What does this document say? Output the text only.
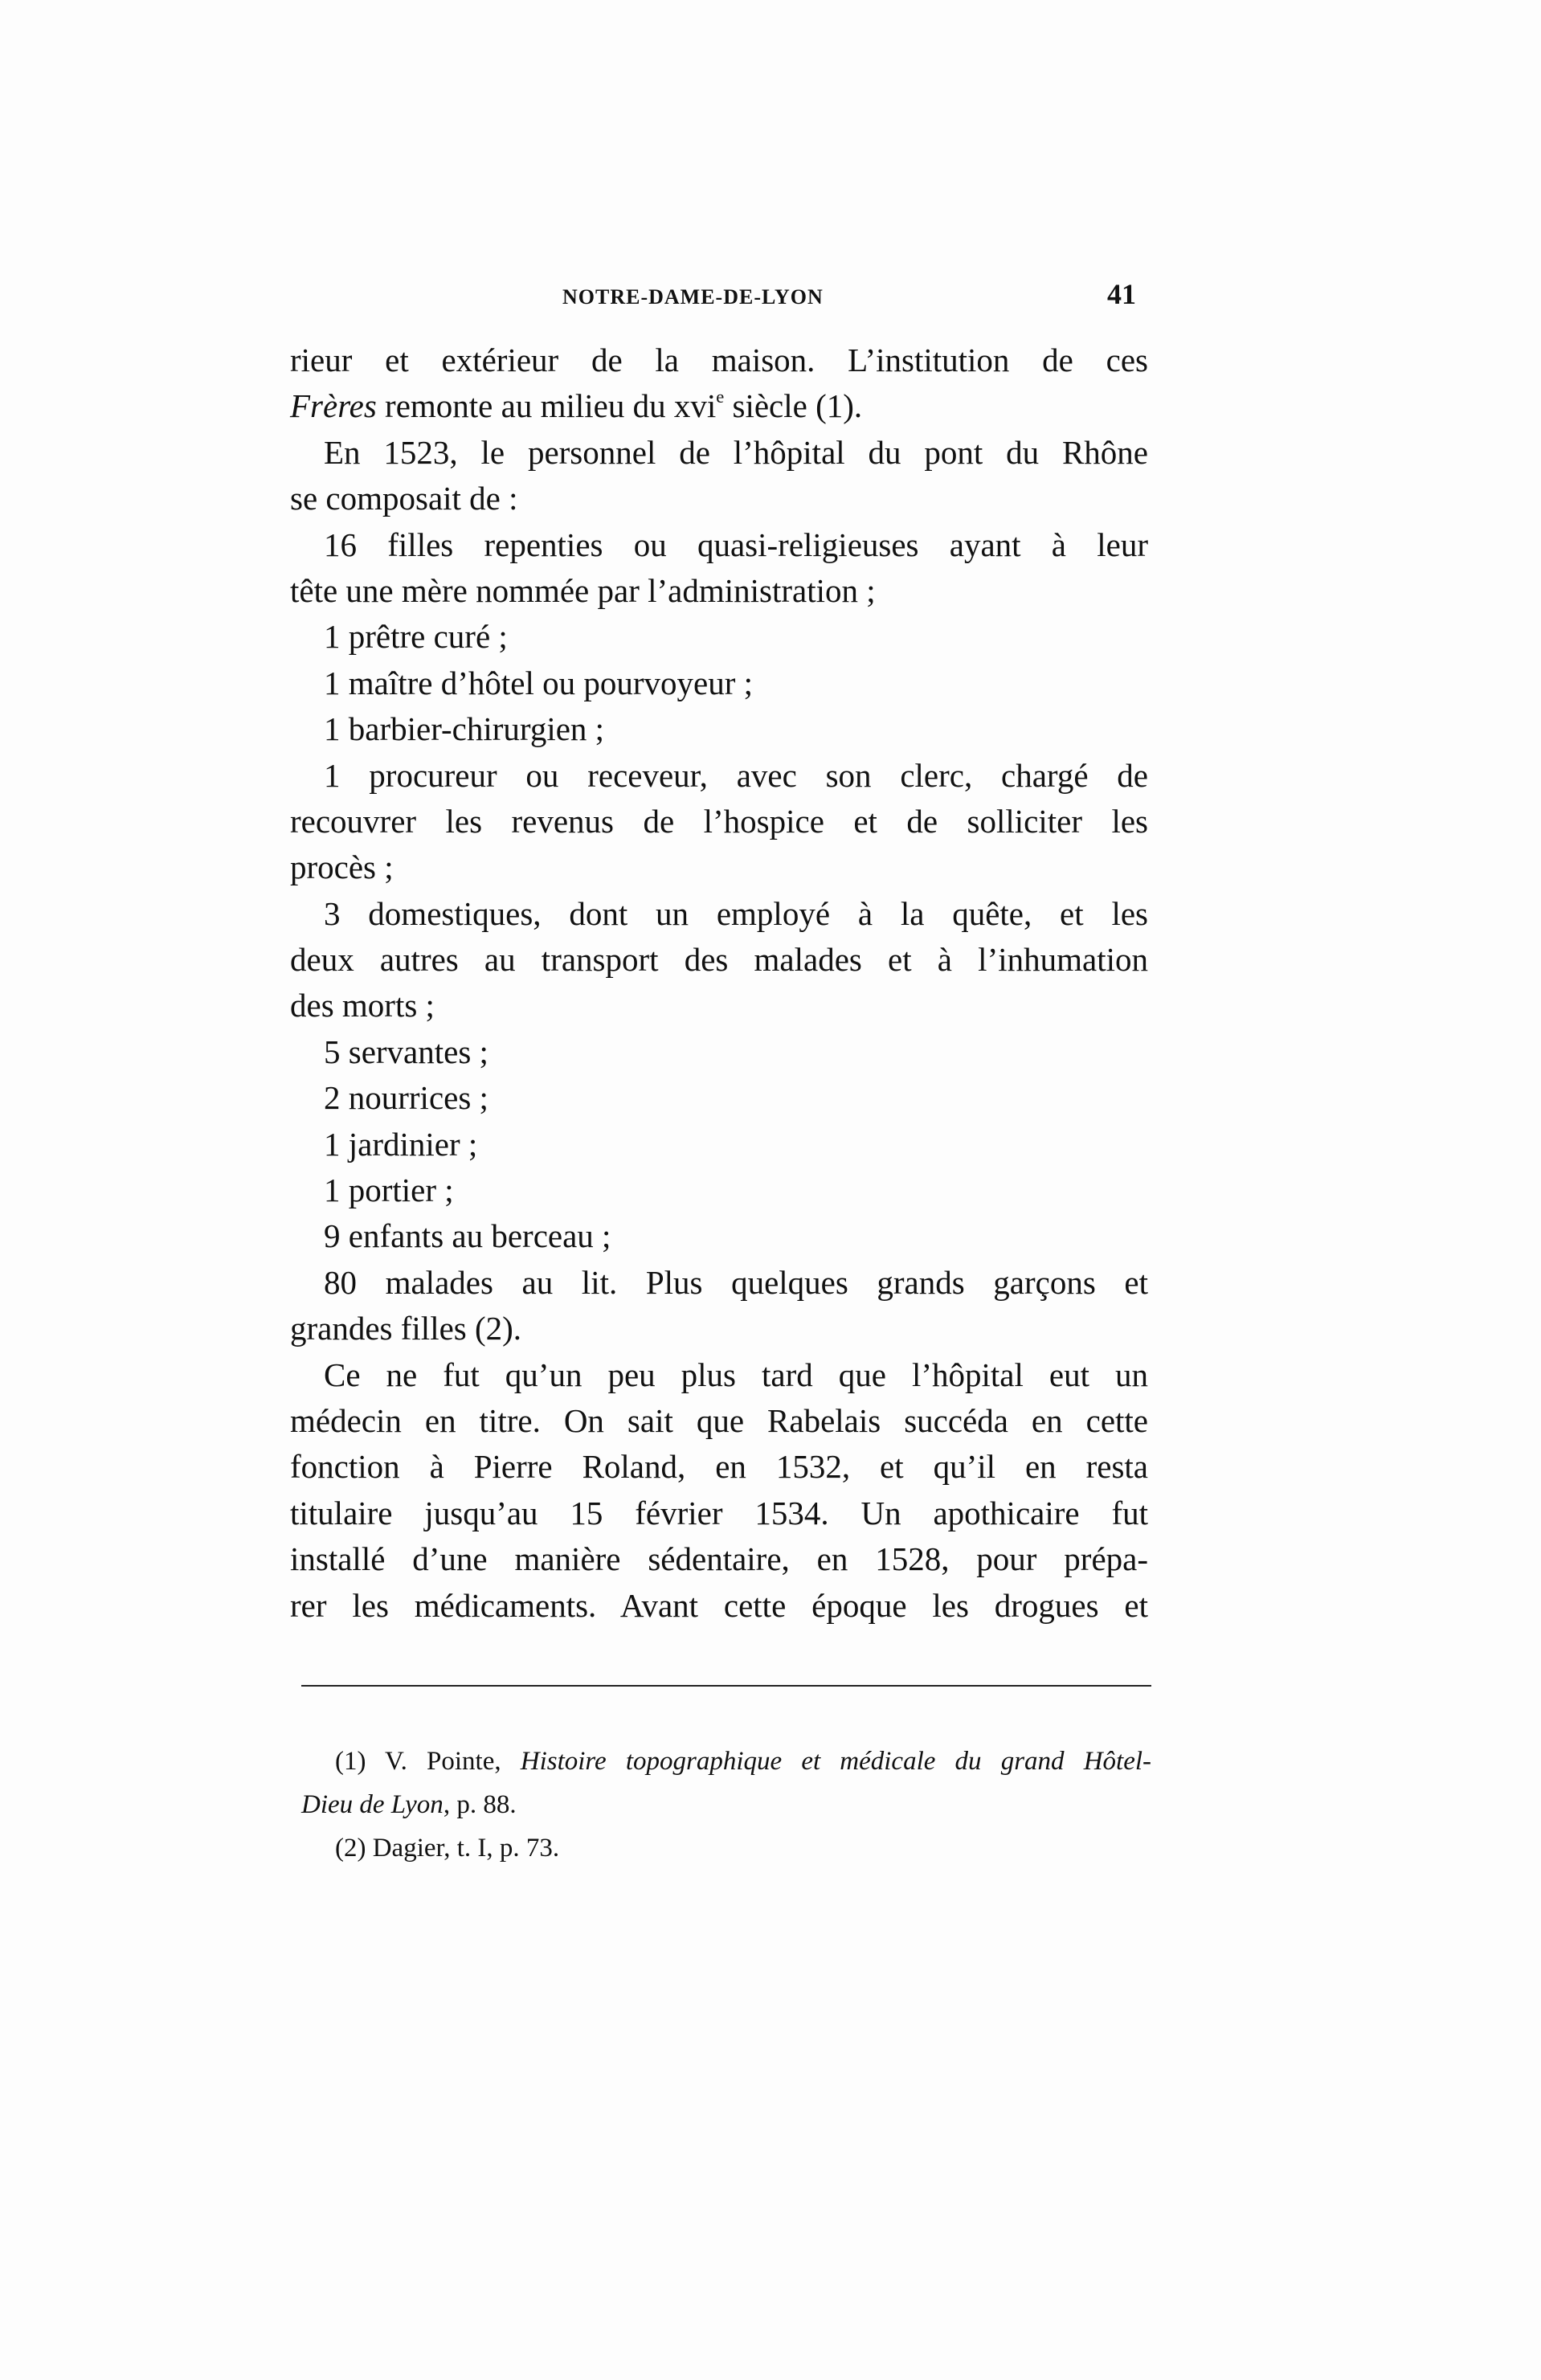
NOTRE-DAME-DE-LYON	41
rieur et extérieur de la maison. L’institution de ces
Frères remonte au milieu du xvi$^e$ siècle (1).
En 1523, le personnel de l’hôpital du pont du Rhône
se composait de :
16 filles repenties ou quasi-religieuses ayant à leur
tête une mère nommée par l’administration ;
1 prêtre curé ;
1 maître d’hôtel ou pourvoyeur ;
1 barbier-chirurgien ;
1 procureur ou receveur, avec son clerc, chargé de
recouvrer les revenus de l’hospice et de solliciter les
procès ;
3 domestiques, dont un employé à la quête, et les
deux autres au transport des malades et à l’inhumation
des morts ;
5 servantes ;
2 nourrices ;
1 jardinier ;
1 portier ;
9 enfants au berceau ;
80 malades au lit. Plus quelques grands garçons et
grandes filles (2).
Ce ne fut qu’un peu plus tard que l’hôpital eut un
médecin en titre. On sait que Rabelais succéda en cette
fonction à Pierre Roland, en 1532, et qu’il en resta
titulaire jusqu’au 15 février 1534. Un apothicaire fut
installé d’une manière sédentaire, en 1528, pour prépa-
rer les médicaments. Avant cette époque les drogues et
(1) V. Pointe, Histoire topographique et médicale du grand Hôtel-
Dieu de Lyon, p. 88.
(2) Dagier, t. I, p. 73.
